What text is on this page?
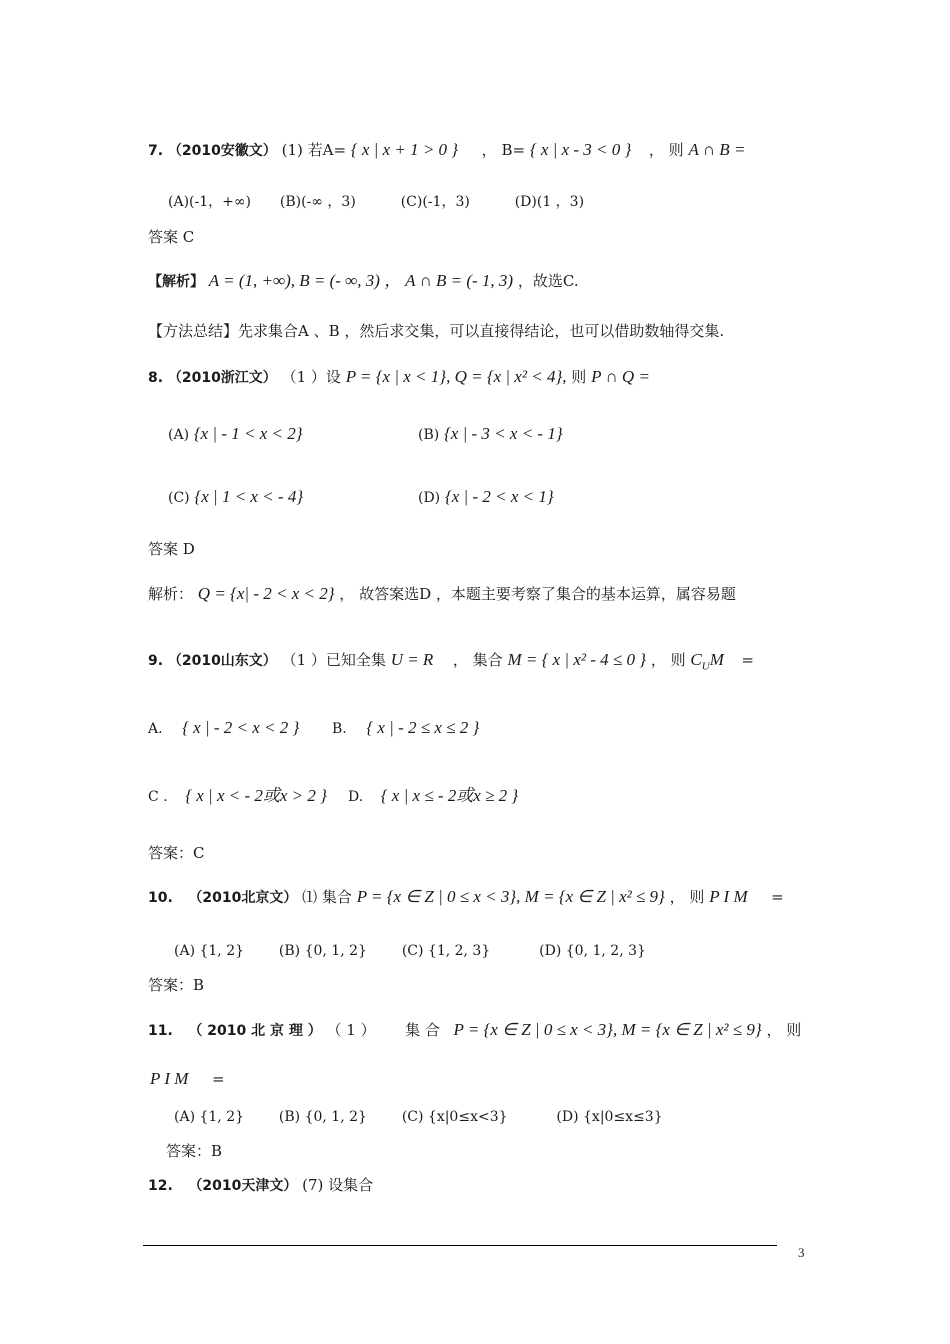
7. （2010安徽文） (1) 若A= { x | x + 1 > 0 } ， B= { x | x - 3 < 0 } ， 则 A ∩ B =
(A)(-1，+∞) (B)(-∞ ，3)	(C)(-1，3)	(D)(1 ，3)
答案 C
【解析】 A = (1, +∞), B = (- ∞, 3) ， A ∩ B = (- 1, 3) ，故选C.
【方法总结】先求集合A 、B ，然后求交集，可以直接得结论，也可以借助数轴得交集.
8. （2010浙江文） （1 ）设 P = {x | x < 1}, Q = {x | x² < 4}, 则 P ∩ Q =
(A) {x | - 1 < x < 2}	(B) {x | - 3 < x < - 1}
(C) {x | 1 < x < - 4}	(D) {x | - 2 < x < 1}
答案 D
解析： Q = {x| - 2 < x < 2} ， 故答案选D ，本题主要考察了集合的基本运算，属容易题
9. （2010山东文） （1 ）已知全集 U = R ， 集合 M = { x | x² - 4 ≤ 0 } ， 则 $C_UM$ =
A. { x | - 2 < x < 2 } B. { x | - 2 ≤ x ≤ 2 }
C . { x | x < - 2或x > 2 } D. { x | x ≤ - 2或x ≥ 2 }
答案：C
10. （2010北京文） ⑴ 集合 P = {x ∈ Z | 0 ≤ x < 3}, M = {x ∈ Z | x² ≤ 9} ， 则 P I M =
(A) {1, 2} (B) {0, 1, 2} (C) {1, 2, 3}	(D) {0, 1, 2, 3}
答案：B
11. （ 2010 北 京 理 ） （ 1 ） 集 合 P = {x ∈ Z | 0 ≤ x < 3}, M = {x ∈ Z | x² ≤ 9} ， 则
P I M =
(A) {1, 2} (B) {0, 1, 2} (C) {x|0≤x<3}	(D) {x|0≤x≤3}
答案：B
12. （2010天津文） (7) 设集合
3
